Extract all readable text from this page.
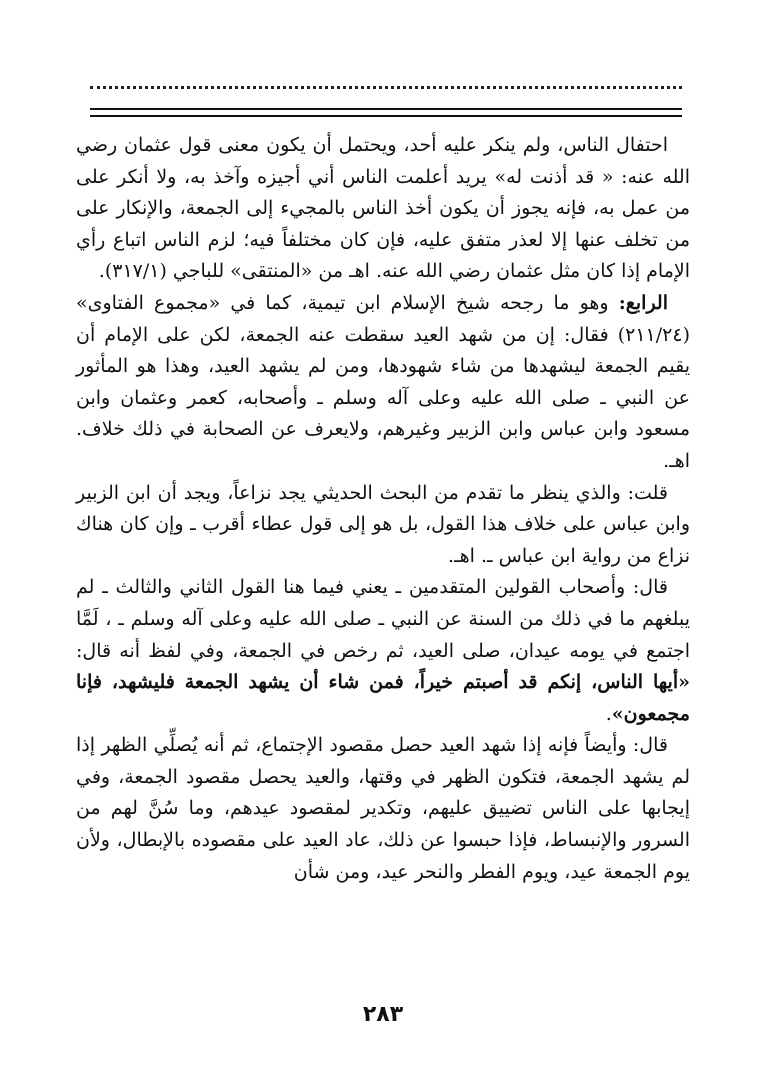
احتفال الناس، ولم ينكر عليه أحد، ويحتمل أن يكون معنى قول عثمان رضي الله عنه: « قد أذنت له» يريد أعلمت الناس أني أجيزه وآخذ به، ولا أنكر على من عمل به، فإنه يجوز أن يكون أخذ الناس بالمجيء إلى الجمعة، والإنكار على من تخلف عنها إلا لعذر متفق عليه، فإن كان مختلفاً فيه؛ لزم الناس اتباع رأي الإمام إذا كان مثل عثمان رضي الله عنه. اهـ من «المنتقى» للباجي (٣١٧/١).

الرابع: وهو ما رجحه شيخ الإسلام ابن تيمية، كما في «مجموع الفتاوى» (٢١١/٢٤) فقال: إن من شهد العيد سقطت عنه الجمعة، لكن على الإمام أن يقيم الجمعة ليشهدها من شاء شهودها، ومن لم يشهد العيد، وهذا هو المأثور عن النبي ـ صلى الله عليه وعلى آله وسلم ـ وأصحابه، كعمر وعثمان وابن مسعود وابن عباس وابن الزبير وغيرهم، ولايعرف عن الصحابة في ذلك خلاف. اهـ.

قلت: والذي ينظر ما تقدم من البحث الحديثي يجد نزاعاً، ويجد أن ابن الزبير وابن عباس على خلاف هذا القول، بل هو إلى قول عطاء أقرب ـ وإن كان هناك نزاع من رواية ابن عباس ـ. اهـ.

قال: وأصحاب القولين المتقدمين ـ يعني فيما هنا القول الثاني والثالث ـ لم يبلغهم ما في ذلك من السنة عن النبي ـ صلى الله عليه وعلى آله وسلم ـ ، لَمَّا اجتمع في يومه عيدان، صلى العيد، ثم رخص في الجمعة، وفي لفظ أنه قال: «أيها الناس، إنكم قد أصبتم خيراً، فمن شاء أن يشهد الجمعة فليشهد، فإنا مجمعون».

قال: وأيضاً فإنه إذا شهد العيد حصل مقصود الإجتماع، ثم أنه يُصلِّي الظهر إذا لم يشهد الجمعة، فتكون الظهر في وقتها، والعيد يحصل مقصود الجمعة، وفي إيجابها على الناس تضييق عليهم، وتكدير لمقصود عيدهم، وما سُنَّ لهم من السرور والإنبساط، فإذا حبسوا عن ذلك، عاد العيد على مقصوده بالإبطال، ولأن يوم الجمعة عيد، ويوم الفطر والنحر عيد، ومن شأن

٢٨٣
